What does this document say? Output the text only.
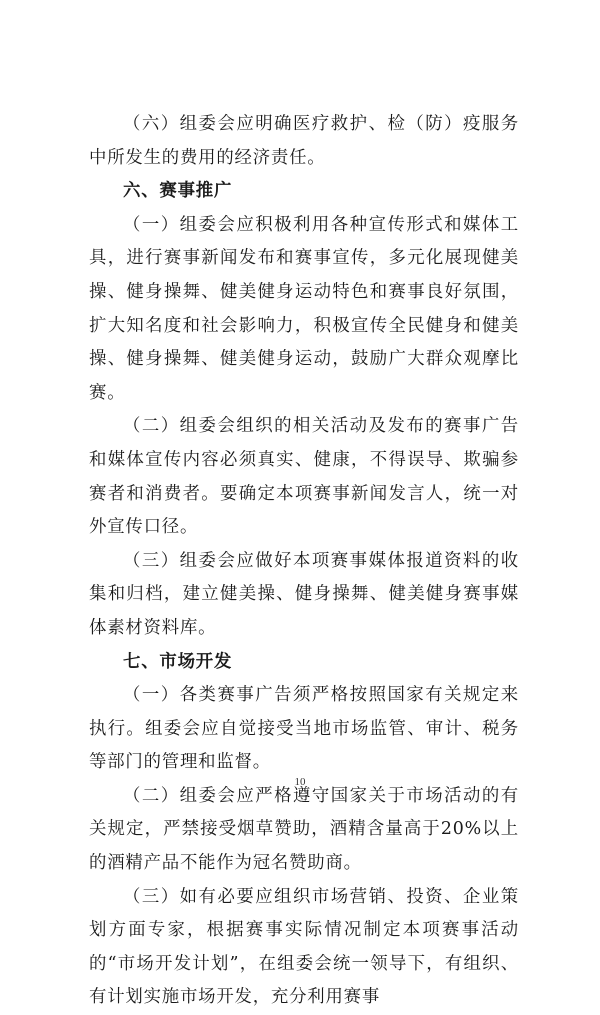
（六）组委会应明确医疗救护、检（防）疫服务中所发生的费用的经济责任。

六、赛事推广

（一）组委会应积极利用各种宣传形式和媒体工具，进行赛事新闻发布和赛事宣传，多元化展现健美操、健身操舞、健美健身运动特色和赛事良好氛围，扩大知名度和社会影响力，积极宣传全民健身和健美操、健身操舞、健美健身运动，鼓励广大群众观摩比赛。

（二）组委会组织的相关活动及发布的赛事广告和媒体宣传内容必须真实、健康，不得误导、欺骗参赛者和消费者。要确定本项赛事新闻发言人，统一对外宣传口径。

（三）组委会应做好本项赛事媒体报道资料的收集和归档，建立健美操、健身操舞、健美健身赛事媒体素材资料库。

七、市场开发

（一）各类赛事广告须严格按照国家有关规定来执行。组委会应自觉接受当地市场监管、审计、税务等部门的管理和监督。

（二）组委会应严格遵守国家关于市场活动的有关规定，严禁接受烟草赞助，酒精含量高于20%以上的酒精产品不能作为冠名赞助商。

（三）如有必要应组织市场营销、投资、企业策划方面专家，根据赛事实际情况制定本项赛事活动的“市场开发计划”，在组委会统一领导下，有组织、有计划实施市场开发，充分利用赛事

10
